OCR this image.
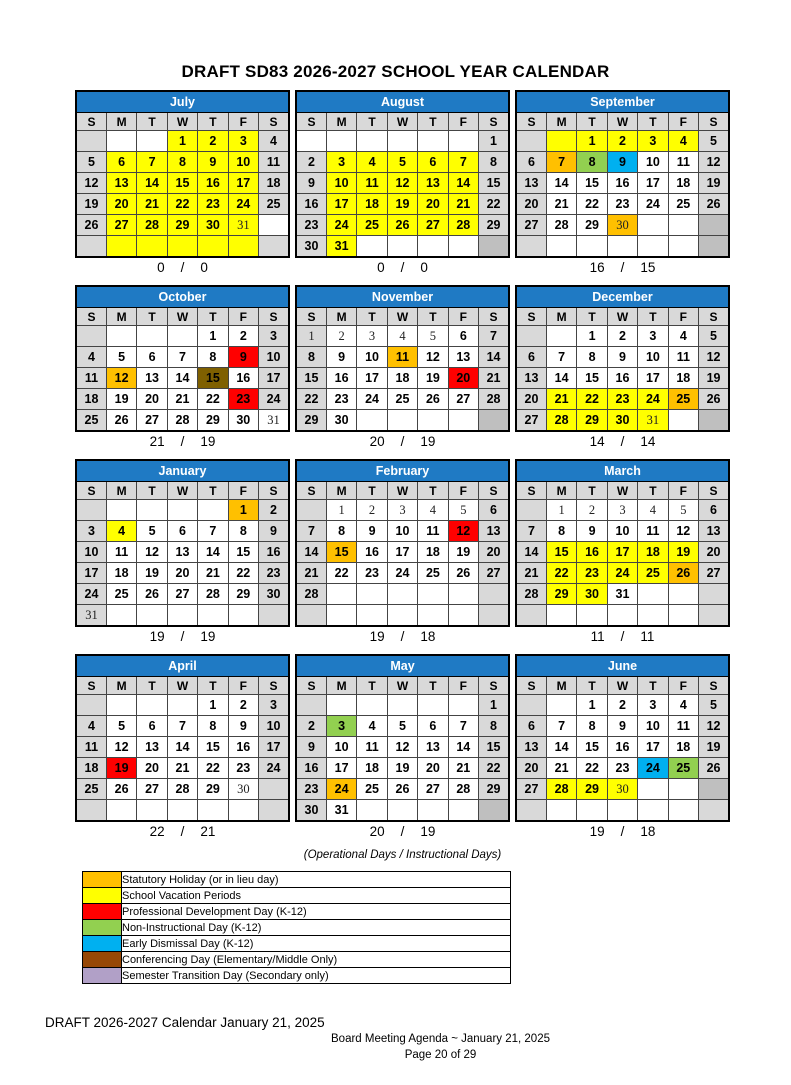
DRAFT SD83 2026-2027 SCHOOL YEAR CALENDAR
July						
S	M	T	W	T	F	S
			1	2	3	4
5	6	7	8	9	10	11
12	13	14	15	16	17	18
19	20	21	22	23	24	25
26	27	28	29	30	31	

0 / 0
August						
S	M	T	W	T	F	S
						1
2	3	4	5	6	7	8
9	10	11	12	13	14	15
16	17	18	19	20	21	22
23	24	25	26	27	28	29
30	31					
0 / 0
September						
S	M	T	W	T	F	S
		1	2	3	4	5
6	7	8	9	10	11	12
13	14	15	16	17	18	19
20	21	22	23	24	25	26
27	28	29	30			

16 / 15
October						
S	M	T	W	T	F	S
				1	2	3
4	5	6	7	8	9	10
11	12	13	14	15	16	17
18	19	20	21	22	23	24
25	26	27	28	29	30	31
21 / 19
November						
S	M	T	W	T	F	S
1	2	3	4	5	6	7
8	9	10	11	12	13	14
15	16	17	18	19	20	21
22	23	24	25	26	27	28
29	30					
20 / 19
December						
S	M	T	W	T	F	S
		1	2	3	4	5
6	7	8	9	10	11	12
13	14	15	16	17	18	19
20	21	22	23	24	25	26
27	28	29	30	31		
14 / 14
January						
S	M	T	W	T	F	S
					1	2
3	4	5	6	7	8	9
10	11	12	13	14	15	16
17	18	19	20	21	22	23
24	25	26	27	28	29	30
31						
19 / 19
February						
S	M	T	W	T	F	S
	1	2	3	4	5	6
7	8	9	10	11	12	13
14	15	16	17	18	19	20
21	22	23	24	25	26	27
28						

19 / 18
March						
S	M	T	W	T	F	S
	1	2	3	4	5	6
7	8	9	10	11	12	13
14	15	16	17	18	19	20
21	22	23	24	25	26	27
28	29	30	31			

11 / 11
April						
S	M	T	W	T	F	S
				1	2	3
4	5	6	7	8	9	10
11	12	13	14	15	16	17
18	19	20	21	22	23	24
25	26	27	28	29	30	

22 / 21
May						
S	M	T	W	T	F	S
						1
2	3	4	5	6	7	8
9	10	11	12	13	14	15
16	17	18	19	20	21	22
23	24	25	26	27	28	29
30	31					
20 / 19
June						
S	M	T	W	T	F	S
		1	2	3	4	5
6	7	8	9	10	11	12
13	14	15	16	17	18	19
20	21	22	23	24	25	26
27	28	29	30			

19 / 18
(Operational Days / Instructional Days)
	Statutory Holiday (or in lieu day)
	School Vacation Periods
	Professional Development Day (K-12)
	Non-Instructional Day (K-12)
	Early Dismissal Day (K-12)
	Conferencing Day (Elementary/Middle Only)
	Semester Transition Day (Secondary only)
DRAFT 2026-2027 Calendar January 21, 2025
Board Meeting Agenda ~ January 21, 2025
Page 20 of 29
